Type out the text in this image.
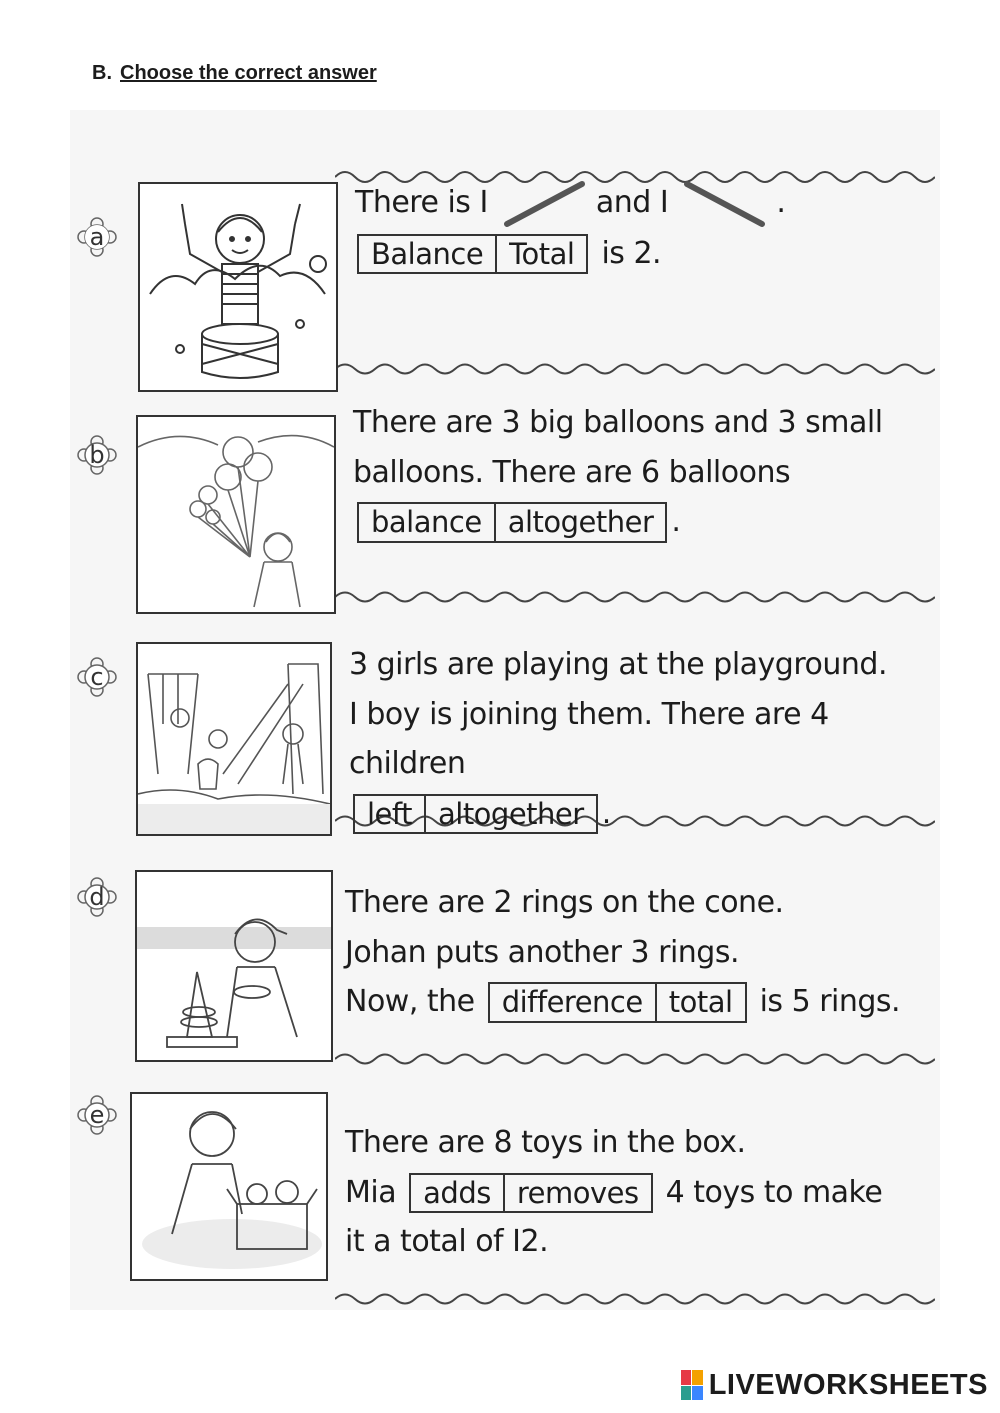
B. Choose the correct answer
a
There is I	and I	.
Balance Total is 2.
b
There are 3 big balloons and 3 small
balloons. There are 6 balloons
balance altogether .
c	3 girls are playing at the playground.
I boy is joining them. There are 4 children
left altogether .
d	There are 2 rings on the cone.
Johan puts another 3 rings.
Now, the difference total is 5 rings.
e
There are 8 toys in the box.
Mia adds removes 4 toys to make
it a total of I2.
LIVEWORKSHEETS
